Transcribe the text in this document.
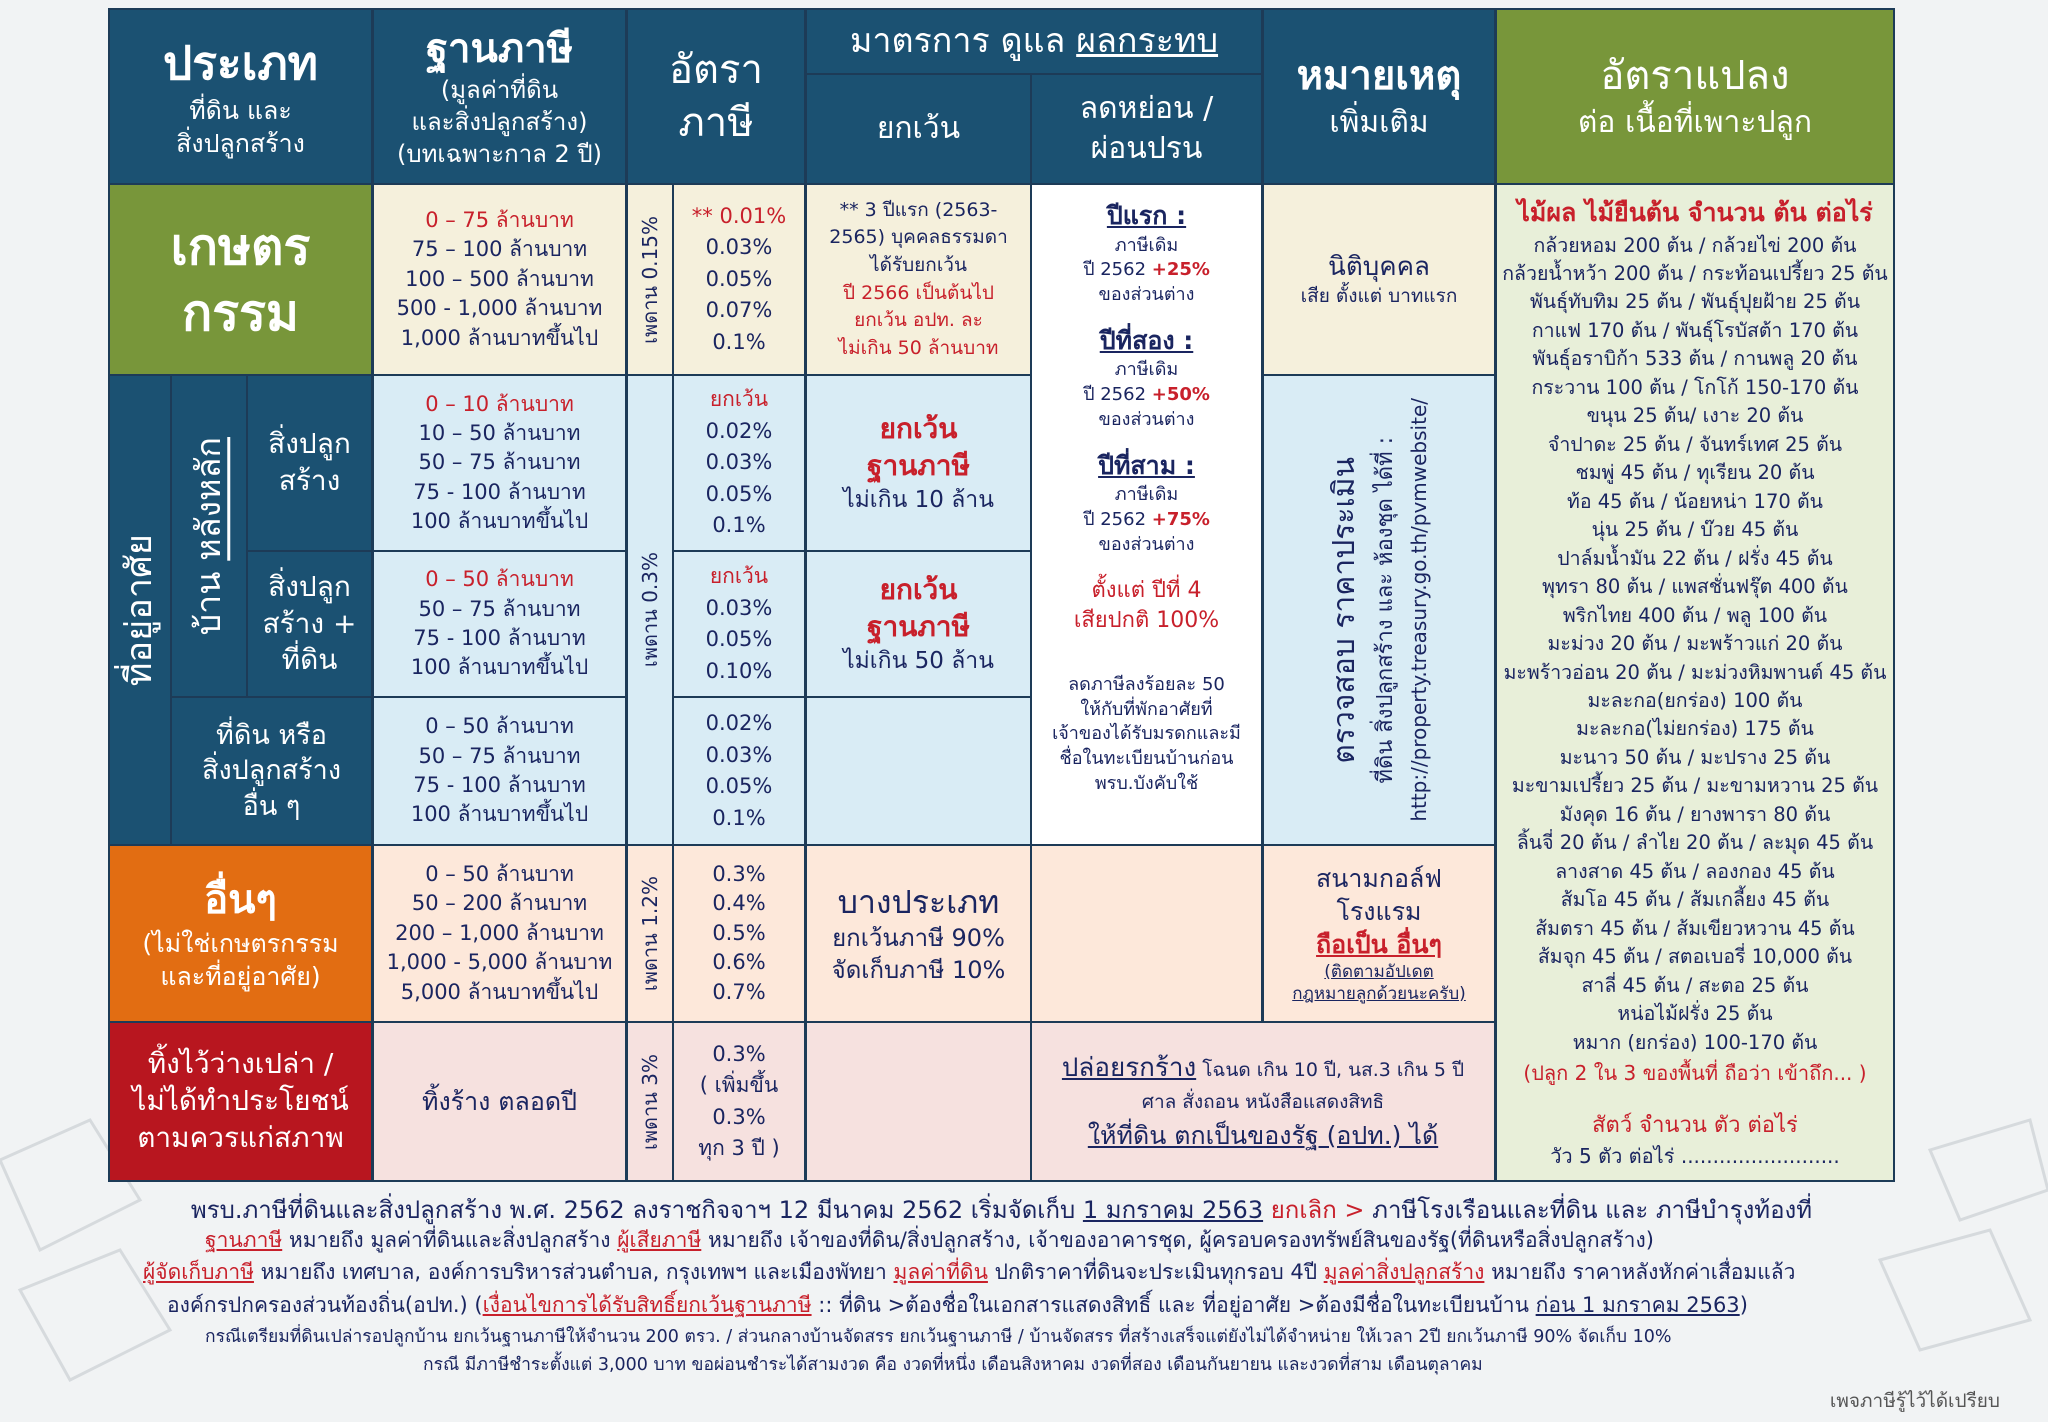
ประเภท
ที่ดิน และ
สิ่งปลูกสร้าง
ฐานภาษี
(มูลค่าที่ดิน
และสิ่งปลูกสร้าง)
(บทเฉพาะกาล 2 ปี)
อัตรา
ภาษี
มาตรการ ดูแล ผลกระทบ
ยกเว้น
ลดหย่อน /
ผ่อนปรน
หมายเหตุ
เพิ่มเติม
อัตราแปลง
ต่อ เนื้อที่เพาะปลูก
เกษตร
กรรม
0 – 75 ล้านบาท
75 – 100 ล้านบาท
100 – 500 ล้านบาท
500 - 1,000 ล้านบาท
1,000 ล้านบาทขึ้นไป เพดาน 0.15% ** 0.01%
0.03%
0.05%
0.07%
0.1%
** 3 ปีแรก (2563-
2565) บุคคลธรรมดา
ได้รับยกเว้น
ปี 2566 เป็นต้นไป
ยกเว้น อปท. ละ
ไม่เกิน 50 ล้านบาท
นิติบุคคล
เสีย ตั้งแต่ บาทแรก
ปีแรก :
ภาษีเดิม
ปี 2562 +25%
ของส่วนต่าง
ปีที่สอง :
ภาษีเดิม
ปี 2562 +50%
ของส่วนต่าง
ปีที่สาม :
ภาษีเดิม
ปี 2562 +75%
ของส่วนต่าง
ตั้งแต่ ปีที่ 4
เสียปกติ 100%
ลดภาษีลงร้อยละ 50
ให้กับที่พักอาศัยที่
เจ้าของได้รับมรดกและมี
ชื่อในทะเบียนบ้านก่อน
พรบ.บังคับใช้
ที่อยู่อาศัย บ้าน หลังหลัก สิ่งปลูก
สร้าง
สิ่งปลูก
สร้าง +
ที่ดิน
ที่ดิน หรือ
สิ่งปลูกสร้าง
อื่น ๆ
0 – 10 ล้านบาท
10 – 50 ล้านบาท
50 – 75 ล้านบาท
75 - 100 ล้านบาท
100 ล้านบาทขึ้นไป
0 – 50 ล้านบาท
50 – 75 ล้านบาท
75 - 100 ล้านบาท
100 ล้านบาทขึ้นไป
0 – 50 ล้านบาท
50 – 75 ล้านบาท
75 - 100 ล้านบาท
100 ล้านบาทขึ้นไป
เพดาน 0.3%
ยกเว้น
0.02%
0.03%
0.05%
0.1%
ยกเว้น
0.03%
0.05%
0.10%
0.02%
0.03%
0.05%
0.1%
ยกเว้น
ฐานภาษี
ไม่เกิน 10 ล้าน
ยกเว้น
ฐานภาษี
ไม่เกิน 50 ล้าน	ตรวจสอบ ราคาประเมิน ที่ดิน สิ่งปลูกสร้าง และ ห้องชุด ได้ที่ : http://property.treasury.go.th/pvmwebsite/
อื่นๆ
(ไม่ใช่เกษตรกรรม
และที่อยู่อาศัย)
0 – 50 ล้านบาท
50 – 200 ล้านบาท
200 – 1,000 ล้านบาท
1,000 - 5,000 ล้านบาท
5,000 ล้านบาทขึ้นไป
เพดาน 1.2%
0.3%
0.4%
0.5%
0.6%
0.7%
บางประเภท
ยกเว้นภาษี 90%
จัดเก็บภาษี 10%
สนามกอล์ฟ
โรงแรม
ถือเป็น อื่นๆ
(ติดตามอัปเดต
กฎหมายลูกด้วยนะครับ)
ทิ้งไว้ว่างเปล่า /
ไม่ได้ทำประโยชน์
ตามควรแก่สภาพ
ทิ้งร้าง ตลอดปี	เพดาน 3% 0.3%
( เพิ่มขึ้น
0.3%
ทุก 3 ปี )
ปล่อยรกร้าง โฉนด เกิน 10 ปี, นส.3 เกิน 5 ปี
ศาล สั่งถอน หนังสือแสดงสิทธิ
ให้ที่ดิน ตกเป็นของรัฐ (อปท.) ได้
ไม้ผล ไม้ยืนต้น จำนวน ต้น ต่อไร่
กล้วยหอม 200 ต้น / กล้วยไข่ 200 ต้น
กล้วยน้ำหว้า 200 ต้น / กระท้อนเปรี้ยว 25 ต้น
พันธุ์ทับทิม 25 ต้น / พันธุ์ปุยฝ้าย 25 ต้น
กาแฟ 170 ต้น / พันธุ์โรบัสต้า 170 ต้น
พันธุ์อราบิก้า 533 ต้น / กานพลู 20 ต้น
กระวาน 100 ต้น / โกโก้ 150-170 ต้น
ขนุน 25 ต้น/ เงาะ 20 ต้น
จำปาดะ 25 ต้น / จันทร์เทศ 25 ต้น
ชมพู่ 45 ต้น / ทุเรียน 20 ต้น
ท้อ 45 ต้น / น้อยหน่า 170 ต้น
นุ่น 25 ต้น / บ๊วย 45 ต้น
ปาล์มน้ำมัน 22 ต้น / ฝรั่ง 45 ต้น
พุทรา 80 ต้น / แพสชั่นฟรุ๊ต 400 ต้น
พริกไทย 400 ต้น / พลู 100 ต้น
มะม่วง 20 ต้น / มะพร้าวแก่ 20 ต้น
มะพร้าวอ่อน 20 ต้น / มะม่วงหิมพานต์ 45 ต้น
มะละกอ(ยกร่อง) 100 ต้น
มะละกอ(ไม่ยกร่อง) 175 ต้น
มะนาว 50 ต้น / มะปราง 25 ต้น
มะขามเปรี้ยว 25 ต้น / มะขามหวาน 25 ต้น
มังคุด 16 ต้น / ยางพารา 80 ต้น
ลิ้นจี่ 20 ต้น / ลำไย 20 ต้น / ละมุด 45 ต้น
ลางสาด 45 ต้น / ลองกอง 45 ต้น
ส้มโอ 45 ต้น / ส้มเกลี้ยง 45 ต้น
ส้มตรา 45 ต้น / ส้มเขียวหวาน 45 ต้น
ส้มจุก 45 ต้น / สตอเบอรี่ 10,000 ต้น
สาลี่ 45 ต้น / สะตอ 25 ต้น
หน่อไม้ฝรั่ง 25 ต้น
หมาก (ยกร่อง) 100-170 ต้น
(ปลูก 2 ใน 3 ของพื้นที่ ถือว่า เข้าถึก... )
สัตว์ จำนวน ตัว ต่อไร่
วัว 5 ตัว ต่อไร่ .........................
พรบ.ภาษีที่ดินและสิ่งปลูกสร้าง พ.ศ. 2562 ลงราชกิจจาฯ 12 มีนาคม 2562 เริ่มจัดเก็บ 1 มกราคม 2563 ยกเลิก > ภาษีโรงเรือนและที่ดิน และ ภาษีบำรุงท้องที่
ฐานภาษี หมายถึง มูลค่าที่ดินและสิ่งปลูกสร้าง ผู้เสียภาษี หมายถึง เจ้าของที่ดิน/สิ่งปลูกสร้าง, เจ้าของอาคารชุด, ผู้ครอบครองทรัพย์สินของรัฐ(ที่ดินหรือสิ่งปลูกสร้าง)
ผู้จัดเก็บภาษี หมายถึง เทศบาล, องค์การบริหารส่วนตำบล, กรุงเทพฯ และเมืองพัทยา มูลค่าที่ดิน ปกติราคาที่ดินจะประเมินทุกรอบ 4ปี มูลค่าสิ่งปลูกสร้าง หมายถึง ราคาหลังหักค่าเสื่อมแล้ว
องค์กรปกครองส่วนท้องถิ่น(อปท.) (เงื่อนไขการได้รับสิทธิ์ยกเว้นฐานภาษี :: ที่ดิน >ต้องชื่อในเอกสารแสดงสิทธิ์ และ ที่อยู่อาศัย >ต้องมีชื่อในทะเบียนบ้าน ก่อน 1 มกราคม 2563)
กรณีเตรียมที่ดินเปล่ารอปลูกบ้าน ยกเว้นฐานภาษีให้จำนวน 200 ตรว. / ส่วนกลางบ้านจัดสรร ยกเว้นฐานภาษี / บ้านจัดสรร ที่สร้างเสร็จแต่ยังไม่ได้จำหน่าย ให้เวลา 2ปี ยกเว้นภาษี 90% จัดเก็บ 10%
กรณี มีภาษีชำระตั้งแต่ 3,000 บาท ขอผ่อนชำระได้สามงวด คือ งวดที่หนึ่ง เดือนสิงหาคม งวดที่สอง เดือนกันยายน และงวดที่สาม เดือนตุลาคม
เพจภาษีรู้ไว้ได้เปรียบ
